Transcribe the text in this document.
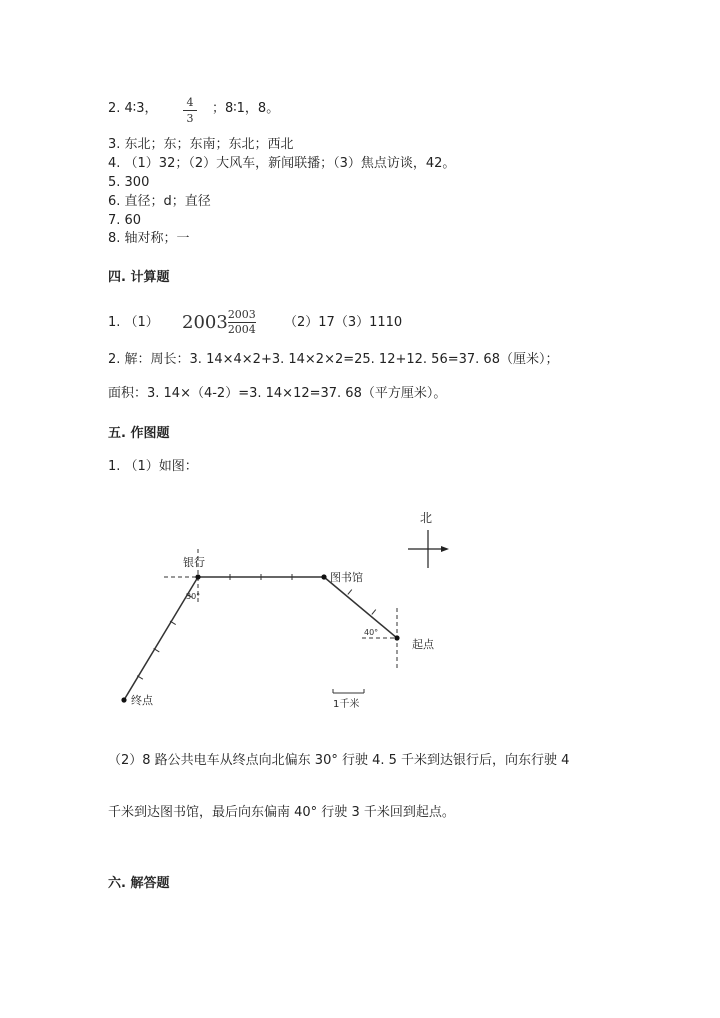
2. 4∶3，	4
3
；8∶1，8。
3. 东北；东；东南；东北；西北
4. （1）32；（2）大风车，新闻联播；（3）焦点访谈，42。
5. 300
6. 直径；d；直径
7. 60
8. 轴对称；一
四. 计算题
1. （1） $2003 \frac{2003}{2004} (2)17(3)1110$
2. 解：周长：3. 14×4×2+3. 14×2×2=25. 12+12. 56=37. 68（厘米）；
面积：3. 14×（4-2）=3. 14×12=37. 68（平方厘米）。
五. 作图题
1. （1）如图：
北
银行
图书馆
起点
终点
30°
40°
1千米
（2）8 路公共电车从终点向北偏东 30° 行驶 4. 5 千米到达银行后，向东行驶 4
千米到达图书馆，最后向东偏南 40° 行驶 3 千米回到起点。
六. 解答题
